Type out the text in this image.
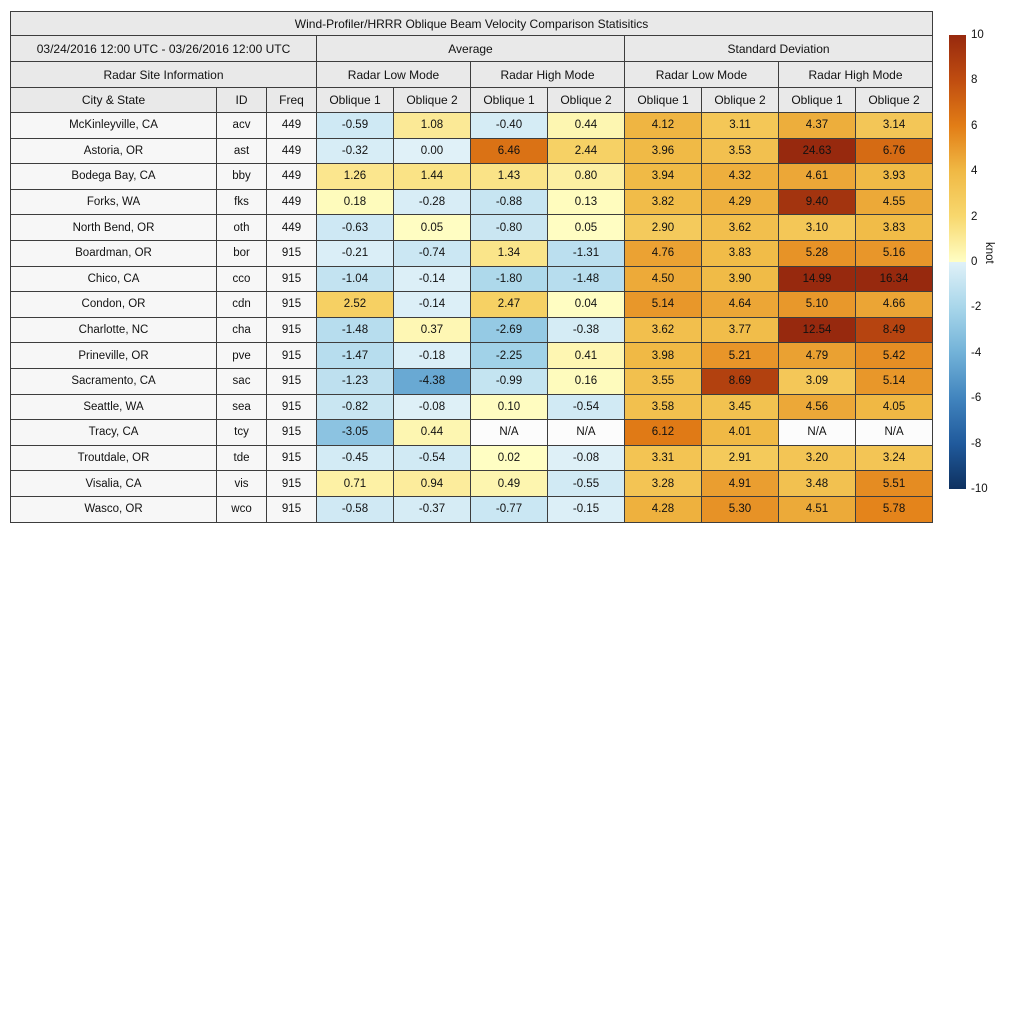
Wind-Profiler/HRRR Oblique Beam Velocity Comparison Statisitics										
03/24/2016 12:00 UTC - 03/26/2016 12:00 UTC			Average				Standard Deviation			
Radar Site Information			Radar Low Mode		Radar High Mode		Radar Low Mode		Radar High Mode	
City & State	ID	Freq	Oblique 1	Oblique 2	Oblique 1	Oblique 2	Oblique 1	Oblique 2	Oblique 1	Oblique 2
McKinleyville, CA	acv	449	-0.59	1.08	-0.40	0.44	4.12	3.11	4.37	3.14
Astoria, OR	ast	449	-0.32	0.00	6.46	2.44	3.96	3.53	24.63	6.76
Bodega Bay, CA	bby	449	1.26	1.44	1.43	0.80	3.94	4.32	4.61	3.93
Forks, WA	fks	449	0.18	-0.28	-0.88	0.13	3.82	4.29	9.40	4.55
North Bend, OR	oth	449	-0.63	0.05	-0.80	0.05	2.90	3.62	3.10	3.83
Boardman, OR	bor	915	-0.21	-0.74	1.34	-1.31	4.76	3.83	5.28	5.16
Chico, CA	cco	915	-1.04	-0.14	-1.80	-1.48	4.50	3.90	14.99	16.34
Condon, OR	cdn	915	2.52	-0.14	2.47	0.04	5.14	4.64	5.10	4.66
Charlotte, NC	cha	915	-1.48	0.37	-2.69	-0.38	3.62	3.77	12.54	8.49
Prineville, OR	pve	915	-1.47	-0.18	-2.25	0.41	3.98	5.21	4.79	5.42
Sacramento, CA	sac	915	-1.23	-4.38	-0.99	0.16	3.55	8.69	3.09	5.14
Seattle, WA	sea	915	-0.82	-0.08	0.10	-0.54	3.58	3.45	4.56	4.05
Tracy, CA	tcy	915	-3.05	0.44	N/A	N/A	6.12	4.01	N/A	N/A
Troutdale, OR	tde	915	-0.45	-0.54	0.02	-0.08	3.31	2.91	3.20	3.24
Visalia, CA	vis	915	0.71	0.94	0.49	-0.55	3.28	4.91	3.48	5.51
Wasco, OR	wco	915	-0.58	-0.37	-0.77	-0.15	4.28	5.30	4.51	5.78
10
8
6
4
2
0
-2
-4
-6
-8
-10
knot
